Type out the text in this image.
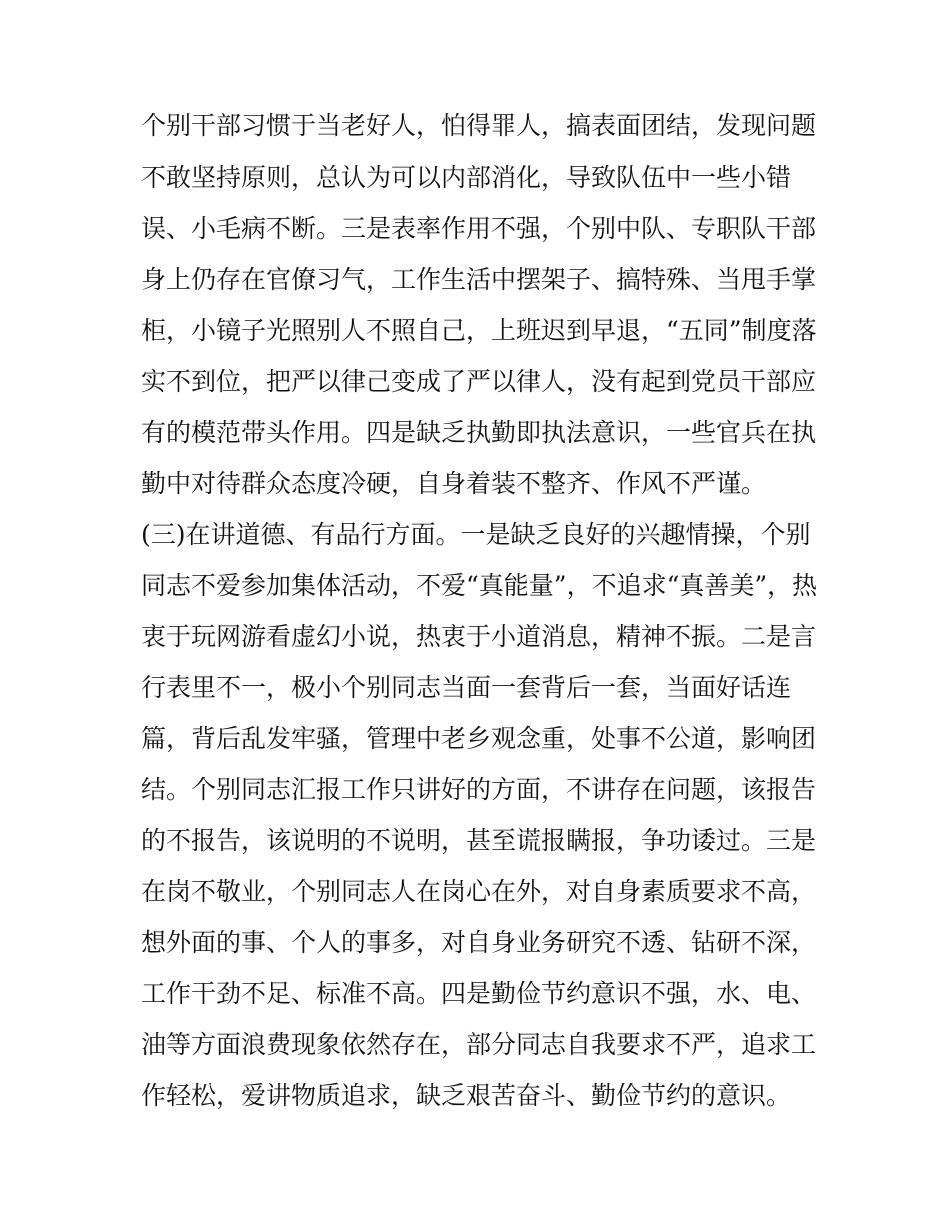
个别干部习惯于当老好人，怕得罪人，搞表面团结，发现问题
不敢坚持原则，总认为可以内部消化，导致队伍中一些小错
误、小毛病不断。三是表率作用不强，个别中队、专职队干部
身上仍存在官僚习气，工作生活中摆架子、搞特殊、当甩手掌
柜，小镜子光照别人不照自己，上班迟到早退，“五同”制度落
实不到位，把严以律己变成了严以律人，没有起到党员干部应
有的模范带头作用。四是缺乏执勤即执法意识，一些官兵在执
勤中对待群众态度冷硬，自身着装不整齐、作风不严谨。
(三)在讲道德、有品行方面。一是缺乏良好的兴趣情操，个别
同志不爱参加集体活动，不爱“真能量”，不追求“真善美”，热
衷于玩网游看虚幻小说，热衷于小道消息，精神不振。二是言
行表里不一，极小个别同志当面一套背后一套，当面好话连
篇，背后乱发牢骚，管理中老乡观念重，处事不公道，影响团
结。个别同志汇报工作只讲好的方面，不讲存在问题，该报告
的不报告，该说明的不说明，甚至谎报瞒报，争功诿过。三是
在岗不敬业，个别同志人在岗心在外，对自身素质要求不高，
想外面的事、个人的事多，对自身业务研究不透、钻研不深，
工作干劲不足、标准不高。四是勤俭节约意识不强，水、电、
油等方面浪费现象依然存在，部分同志自我要求不严，追求工
作轻松，爱讲物质追求，缺乏艰苦奋斗、勤俭节约的意识。
